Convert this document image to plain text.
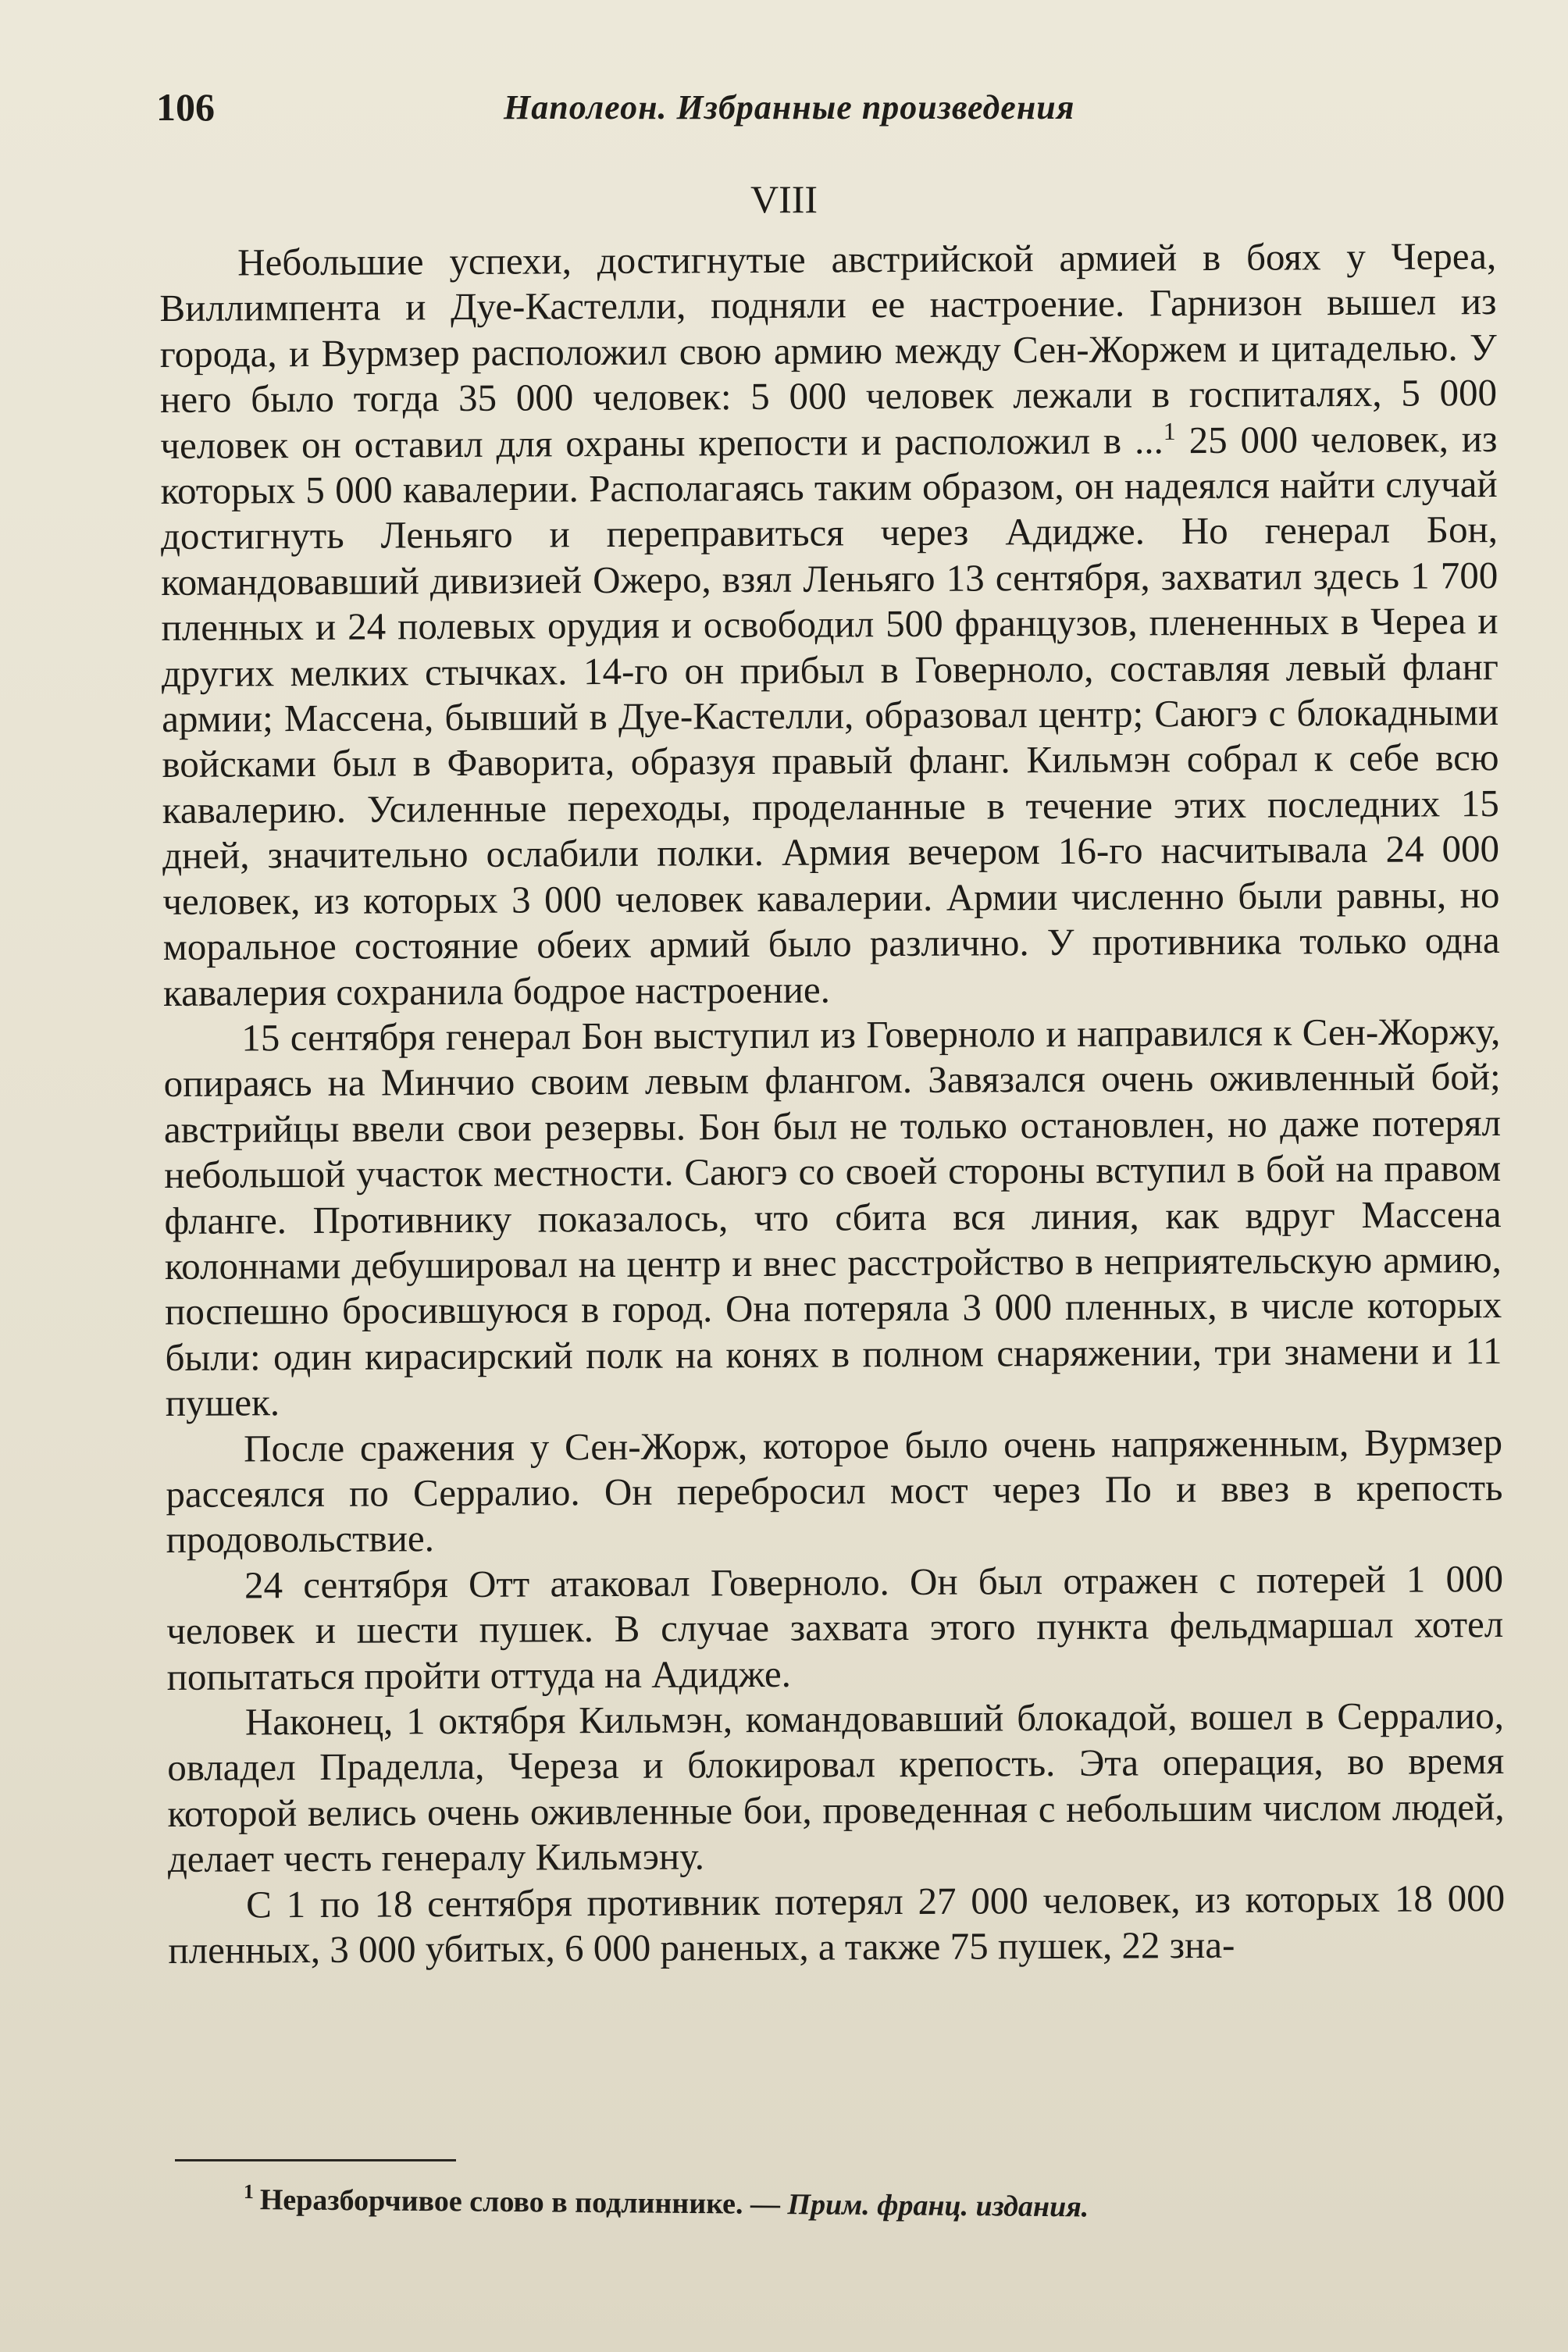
106	Наполеон. Избранные произведения
VIII

Небольшие успехи, достигнутые австрийской армией в боях у Череа, Виллимпента и Дуе-Кастелли, подняли ее настроение. Гарнизон вышел из города, и Вурмзер расположил свою армию между Сен-Жоржем и цитаделью. У него было тогда 35 000 человек: 5 000 человек лежали в госпиталях, 5 000 человек он оставил для охраны крепости и расположил в ...$^1$ 25 000 человек, из которых 5 000 кавалерии. Располагаясь таким образом, он надеялся найти случай достигнуть Леньяго и переправиться через Адидже. Но генерал Бон, командовавший дивизией Ожеро, взял Леньяго 13 сентября, захватил здесь 1 700 пленных и 24 полевых орудия и освободил 500 французов, плененных в Череа и других мелких стычках. 14-го он прибыл в Говерноло, составляя левый фланг армии; Массена, бывший в Дуе-Кастелли, образовал центр; Саюгэ с блокадными войсками был в Фаворита, образуя правый фланг. Кильмэн собрал к себе всю кавалерию. Усиленные переходы, проделанные в течение этих последних 15 дней, значительно ослабили полки. Армия вечером 16-го насчитывала 24 000 человек, из которых 3 000 человек кавалерии. Армии численно были равны, но моральное состояние обеих армий было различно. У противника только одна кавалерия сохранила бодрое настроение.

15 сентября генерал Бон выступил из Говерноло и направился к Сен-Жоржу, опираясь на Минчио своим левым флангом. Завязался очень оживленный бой; австрийцы ввели свои резервы. Бон был не только остановлен, но даже потерял небольшой участок местности. Саюгэ со своей стороны вступил в бой на правом фланге. Противнику показалось, что сбита вся линия, как вдруг Массена колоннами дебушировал на центр и внес расстройство в неприятельскую армию, поспешно бросившуюся в город. Она потеряла 3 000 пленных, в числе которых были: один кирасирский полк на конях в полном снаряжении, три знамени и 11 пушек.

После сражения у Сен-Жорж, которое было очень напряженным, Вурмзер рассеялся по Серралио. Он перебросил мост через По и ввез в крепость продовольствие.

24 сентября Отт атаковал Говерноло. Он был отражен с потерей 1 000 человек и шести пушек. В случае захвата этого пункта фельдмаршал хотел попытаться пройти оттуда на Адидже.

Наконец, 1 октября Кильмэн, командовавший блокадой, вошел в Серралио, овладел Праделла, Череза и блокировал крепость. Эта операция, во время которой велись очень оживленные бои, проведенная с небольшим числом людей, делает честь генералу Кильмэну.

С 1 по 18 сентября противник потерял 27 000 человек, из которых 18 000 пленных, 3 000 убитых, 6 000 раненых, а также 75 пушек, 22 зна-

$^1$ Неразборчивое слово в подлиннике. — Прим. франц. издания.
